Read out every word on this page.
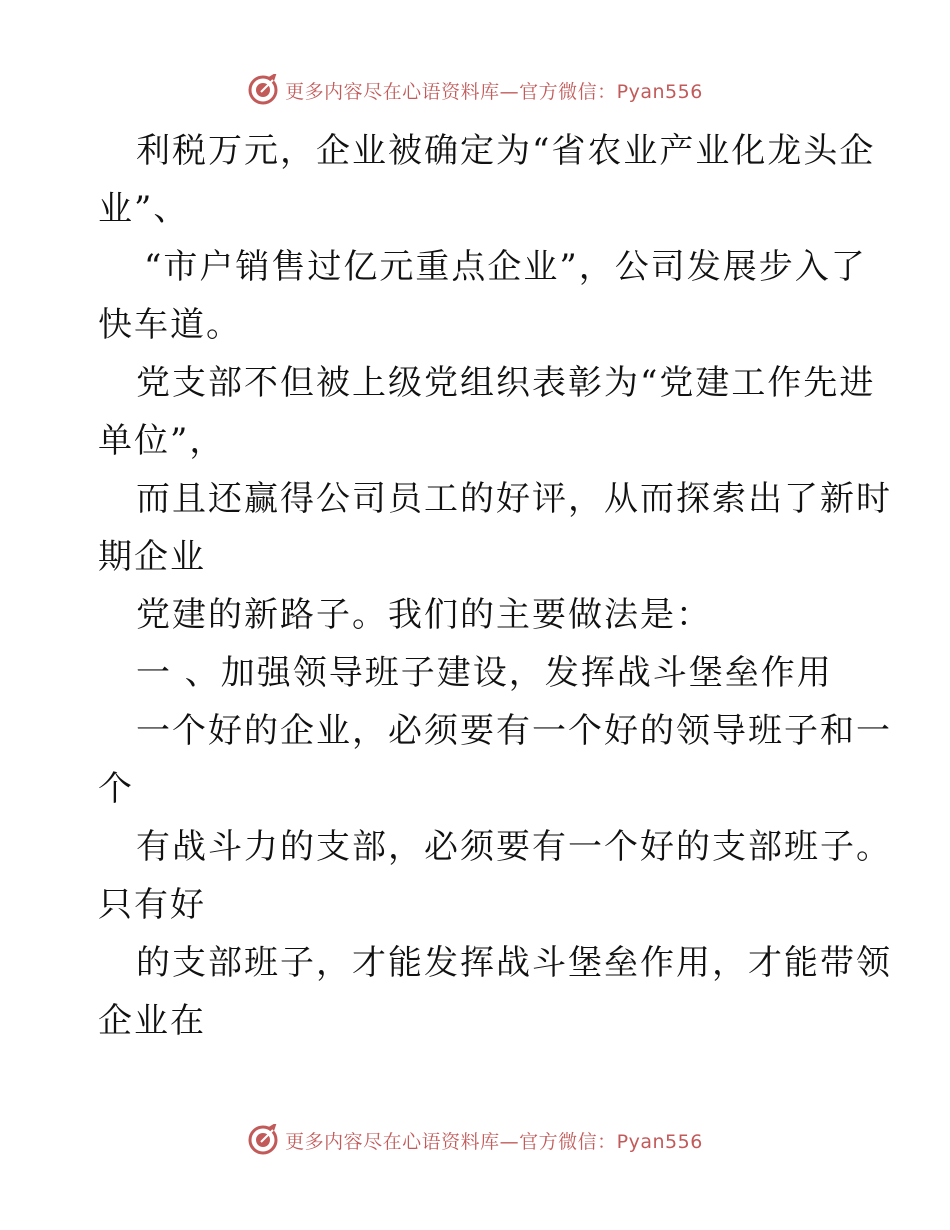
更多内容尽在心语资料库—官方微信：Pyan556
利税万元，企业被确定为“省农业产业化龙头企
业”、
“市户销售过亿元重点企业”，公司发展步入了
快车道。
党支部不但被上级党组织表彰为“党建工作先进
单位”，
而且还赢得公司员工的好评，从而探索出了新时
期企业
党建的新路子。我们的主要做法是：
一 、加强领导班子建设，发挥战斗堡垒作用
一个好的企业，必须要有一个好的领导班子和一
个
有战斗力的支部，必须要有一个好的支部班子。
只有好
的支部班子，才能发挥战斗堡垒作用，才能带领
企业在
更多内容尽在心语资料库—官方微信：Pyan556
